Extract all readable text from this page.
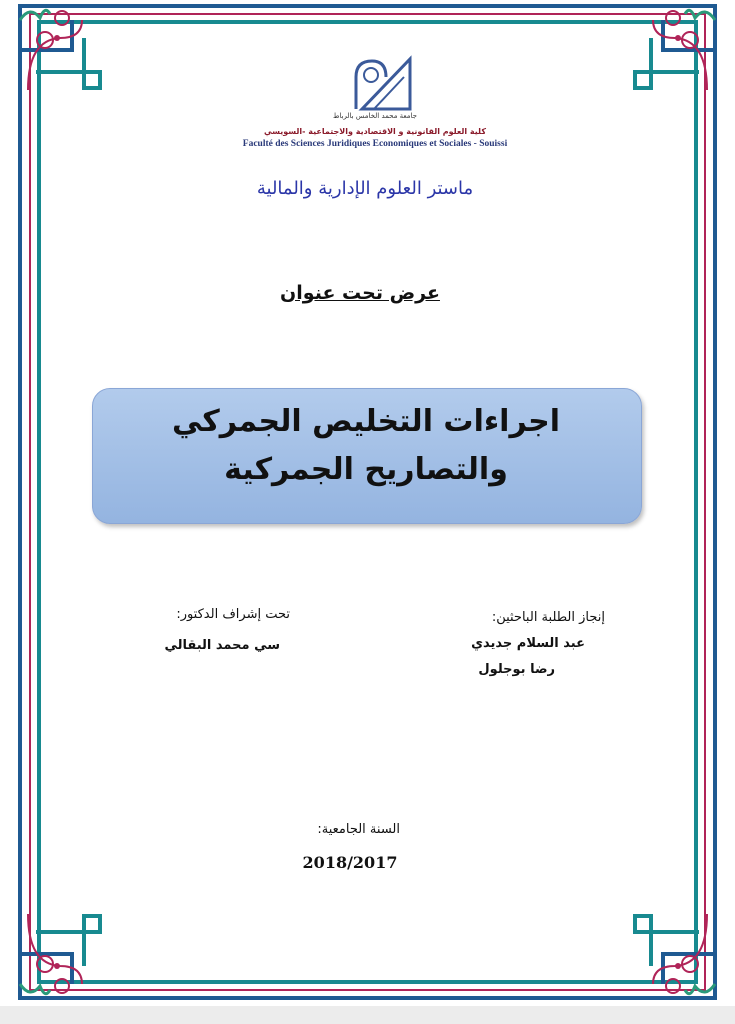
جامعة محمد الخامس بالرباط
كلية العلوم القانونية و الاقتصادية والاجتماعية -السويسي
Faculté des Sciences Juridiques Economiques et Sociales - Souissi
ماستر العلوم الإدارية والمالية
عرض تحت عنوان
اجراءات التخليص الجمركي
والتصاريح الجمركية
تحت إشراف الدكتور:
سي محمد البقالي
إنجاز الطلبة الباحثين:
عبد السلام جديدي
رضا بوجلول
السنة الجامعية:
2018/2017
